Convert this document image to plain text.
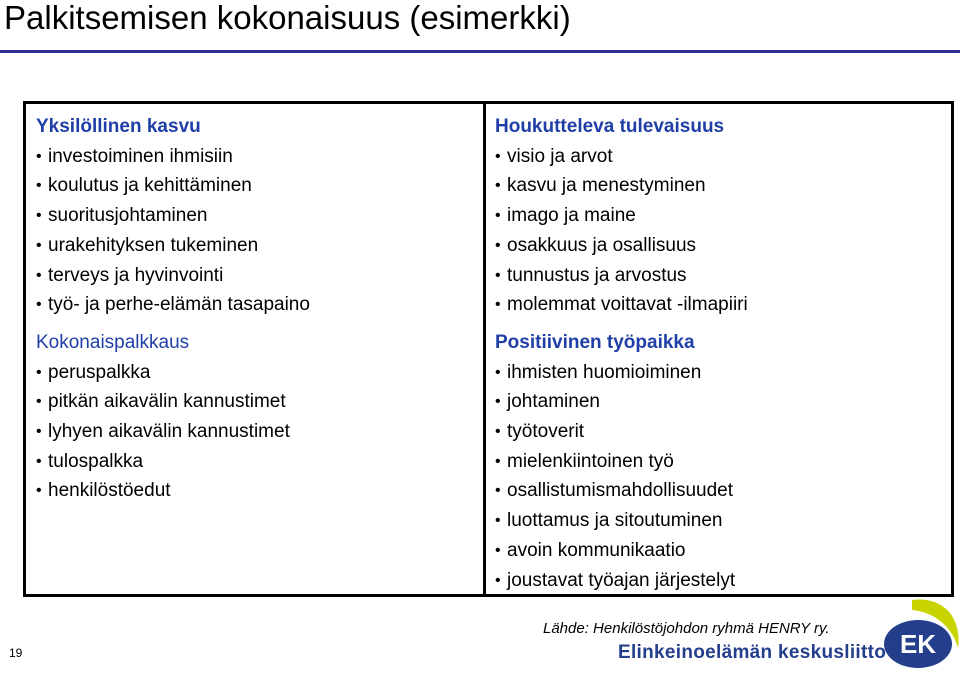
Palkitsemisen kokonaisuus (esimerkki)
Yksilöllinen kasvu
• investoiminen ihmisiin
• koulutus ja kehittäminen
• suoritusjohtaminen
• urakehityksen tukeminen
• terveys ja hyvinvointi
• työ- ja perhe-elämän tasapaino
Kokonaispalkkaus
• peruspalkka
• pitkän aikavälin kannustimet
• lyhyen aikavälin kannustimet
• tulospalkka
• henkilöstöedut
Houkutteleva tulevaisuus
• visio ja arvot
• kasvu ja menestyminen
• imago ja maine
• osakkuus ja osallisuus
• tunnustus ja arvostus
• molemmat voittavat -ilmapiiri
Positiivinen työpaikka
• ihmisten huomioiminen
• johtaminen
• työtoverit
• mielenkiintoinen työ
• osallistumismahdollisuudet
• luottamus ja sitoutuminen
• avoin kommunikaatio
• joustavat työajan järjestelyt
Lähde: Henkilöstöjohdon ryhmä HENRY ry.
19	Elinkeinoelämän keskusliitto EK
